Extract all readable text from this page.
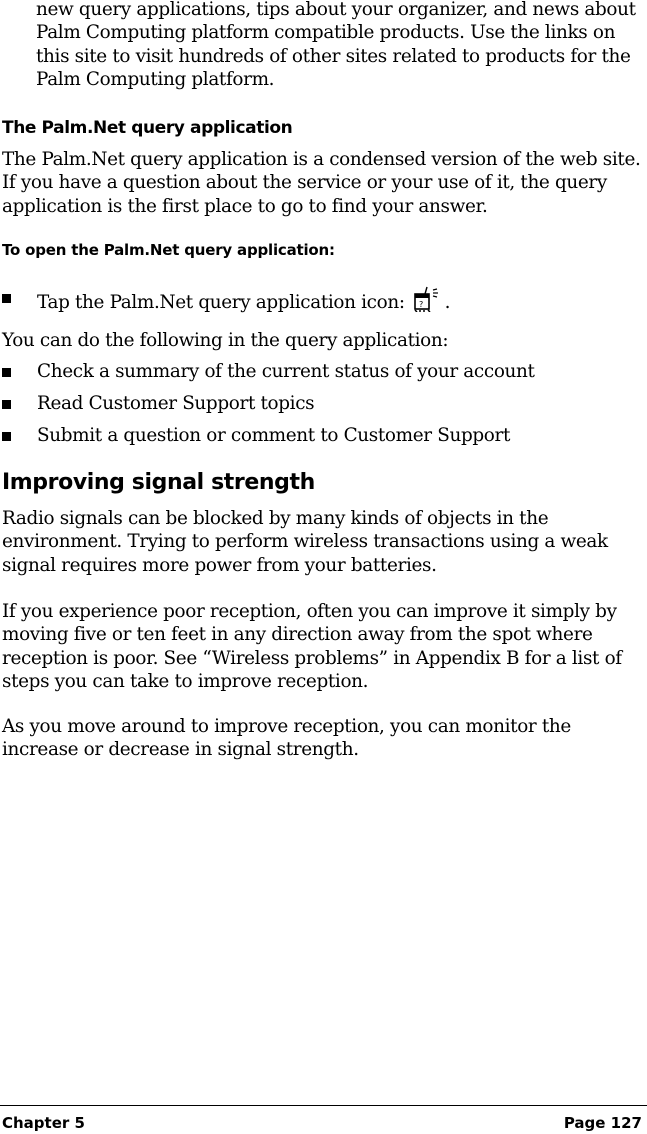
new query applications, tips about your organizer, and news about Palm Computing platform compatible products. Use the links on this site to visit hundreds of other sites related to products for the Palm Computing platform.

The Palm.Net query application
The Palm.Net query application is a condensed version of the web site. If you have a question about the service or your use of it, the query application is the first place to go to find your answer.
To open the Palm.Net query application:
Tap the Palm.Net query application icon: ? .
You can do the following in the query application:
Check a summary of the current status of your account
Read Customer Support topics
Submit a question or comment to Customer Support
Improving signal strength
Radio signals can be blocked by many kinds of objects in the environment. Trying to perform wireless transactions using a weak signal requires more power from your batteries.
If you experience poor reception, often you can improve it simply by moving five or ten feet in any direction away from the spot where reception is poor. See “Wireless problems” in Appendix B for a list of steps you can take to improve reception.
As you move around to improve reception, you can monitor the increase or decrease in signal strength.
Chapter 5	Page 127
